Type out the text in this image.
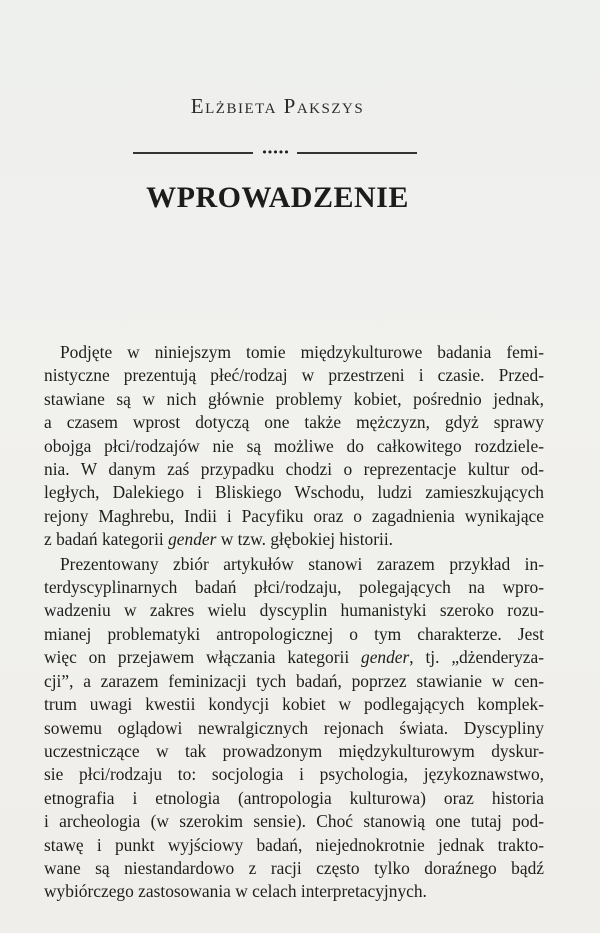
Elżbieta Pakszys
•••••
WPROWADZENIE
Podjęte w niniejszym tomie międzykulturowe badania femi-
nistyczne prezentują płeć/rodzaj w przestrzeni i czasie. Przed-
stawiane są w nich głównie problemy kobiet, pośrednio jednak,
a czasem wprost dotyczą one także mężczyzn, gdyż sprawy
obojga płci/rodzajów nie są możliwe do całkowitego rozdziele-
nia. W danym zaś przypadku chodzi o reprezentacje kultur od-
ległych, Dalekiego i Bliskiego Wschodu, ludzi zamieszkujących
rejony Maghrebu, Indii i Pacyfiku oraz o zagadnienia wynikające
z badań kategorii gender w tzw. głębokiej historii.
Prezentowany zbiór artykułów stanowi zarazem przykład in-
terdyscyplinarnych badań płci/rodzaju, polegających na wpro-
wadzeniu w zakres wielu dyscyplin humanistyki szeroko rozu-
mianej problematyki antropologicznej o tym charakterze. Jest
więc on przejawem włączania kategorii gender, tj. „dżenderyza-
cji”, a zarazem feminizacji tych badań, poprzez stawianie w cen-
trum uwagi kwestii kondycji kobiet w podlegających komplek-
sowemu oglądowi newralgicznych rejonach świata. Dyscypliny
uczestniczące w tak prowadzonym międzykulturowym dyskur-
sie płci/rodzaju to: socjologia i psychologia, językoznawstwo,
etnografia i etnologia (antropologia kulturowa) oraz historia
i archeologia (w szerokim sensie). Choć stanowią one tutaj pod-
stawę i punkt wyjściowy badań, niejednokrotnie jednak trakto-
wane są niestandardowo z racji często tylko doraźnego bądź
wybiórczego zastosowania w celach interpretacyjnych.
